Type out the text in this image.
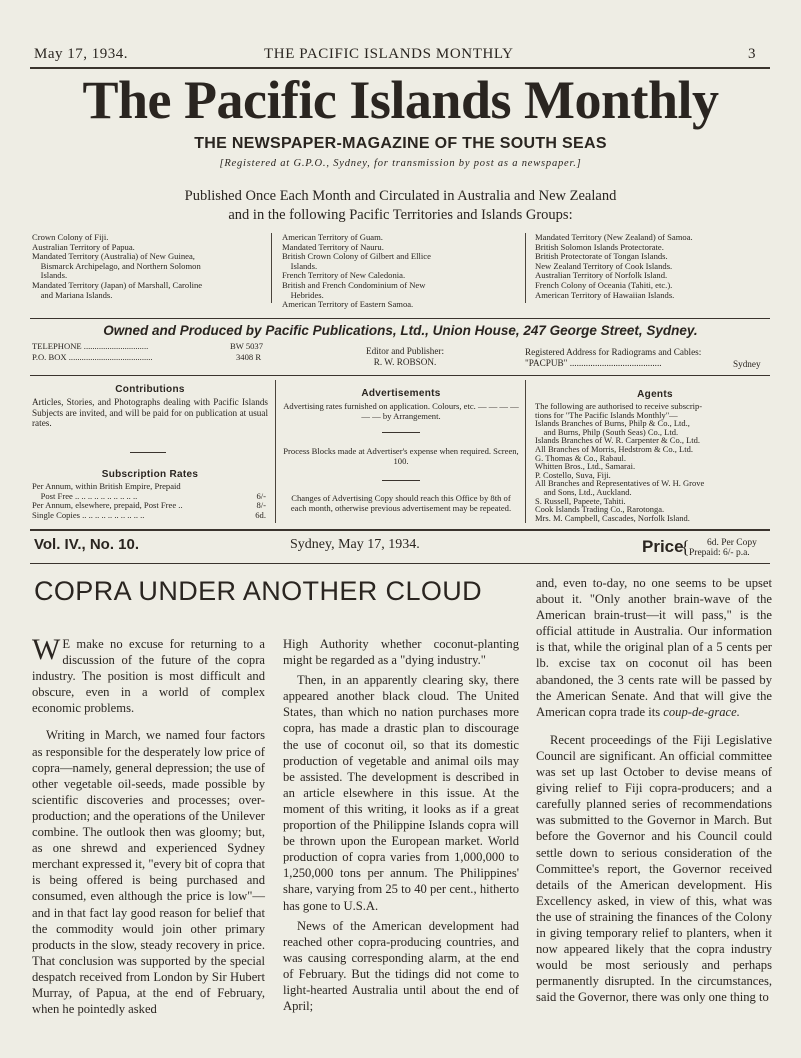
May 17, 1934.	THE PACIFIC ISLANDS MONTHLY	3
The Pacific Islands Monthly
THE NEWSPAPER-MAGAZINE OF THE SOUTH SEAS
[Registered at G.P.O., Sydney, for transmission by post as a newspaper.]
Published Once Each Month and Circulated in Australia and New Zealand
and in the following Pacific Territories and Islands Groups:
Crown Colony of Fiji.
Australian Territory of Papua.
Mandated Territory (Australia) of New Guinea,
Bismarck Archipelago, and Northern Solomon
Islands.
Mandated Territory (Japan) of Marshall, Caroline
and Mariana Islands.
American Territory of Guam.
Mandated Territory of Nauru.
British Crown Colony of Gilbert and Ellice
Islands.
French Territory of New Caledonia.
British and French Condominium of New
Hebrides.
American Territory of Eastern Samoa.
Mandated Territory (New Zealand) of Samoa.
British Solomon Islands Protectorate.
British Protectorate of Tongan Islands.
New Zealand Territory of Cook Islands.
Australian Territory of Norfolk Island.
French Colony of Oceania (Tahiti, etc.).
American Territory of Hawaiian Islands.
Owned and Produced by Pacific Publications, Ltd., Union House, 247 George Street, Sydney.
TELEPHONE ..............................	BW 5037
P.O. BOX .......................................	3408 R
Editor and Publisher:
R. W. ROBSON.
Registered Address for Radiograms and Cables:
"PACPUB" ........................................	Sydney
Contributions
Articles, Stories, and Photographs dealing with Pacific Islands Subjects are invited, and will be paid for on publication at usual rates.
Subscription Rates
Per Annum, within British Empire, Prepaid
Post Free .. .. .. .. .. .. .. .. .. ..	6/-
Per Annum, elsewhere, prepaid, Post Free ..	8/-
Single Copies .. .. .. .. .. .. .. .. .. ..	6d.
Advertisements
Advertising rates furnished on application. Colours, etc. — — — — — — by Arrangement.
Process Blocks made at Advertiser's expense when required. Screen, 100.
Changes of Advertising Copy should reach this Office by 8th of each month, otherwise previous advertisement may be repeated.
Agents
The following are authorised to receive subscrip-
tions for "The Pacific Islands Monthly"—
Islands Branches of Burns, Philp & Co., Ltd.,
and Burns, Philp (South Seas) Co., Ltd.
Islands Branches of W. R. Carpenter & Co., Ltd.
All Branches of Morris, Hedstrom & Co., Ltd.
G. Thomas & Co., Rabaul.
Whitten Bros., Ltd., Samarai.
P. Costello, Suva, Fiji.
All Branches and Representatives of W. H. Grove
and Sons, Ltd., Auckland.
S. Russell, Papeete, Tahiti.
Cook Islands Trading Co., Rarotonga.
Mrs. M. Campbell, Cascades, Norfolk Island.
Vol. IV., No. 10.	Sydney, May 17, 1934.	Price
{ 6d. Per Copy
Prepaid: 6/- p.a.
COPRA UNDER ANOTHER CLOUD

W E make no excuse for returning to a discussion of the future of the copra industry. The position is most difficult and obscure, even in a world of complex economic problems.

Writing in March, we named four factors as responsible for the desperately low price of copra—namely, general depression; the use of other vegetable oil-seeds, made possible by scientific discoveries and processes; over-production; and the operations of the Unilever combine. The outlook then was gloomy; but, as one shrewd and experienced Sydney merchant expressed it, "every bit of copra that is being offered is being purchased and consumed, even although the price is low"—and in that fact lay good reason for belief that the commodity would join other primary products in the slow, steady recovery in price. That conclusion was supported by the special despatch received from London by Sir Hubert Murray, of Papua, at the end of February, when he pointedly asked

High Authority whether coconut-planting might be regarded as a "dying industry."

Then, in an apparently clearing sky, there appeared another black cloud. The United States, than which no nation purchases more copra, has made a drastic plan to discourage the use of coconut oil, so that its domestic production of vegetable and animal oils may be assisted. The development is described in an article elsewhere in this issue. At the moment of this writing, it looks as if a great proportion of the Philippine Islands copra will be thrown upon the European market. World production of copra varies from 1,000,000 to 1,250,000 tons per annum. The Philippines' share, varying from 25 to 40 per cent., hitherto has gone to U.S.A.

News of the American development had reached other copra-producing countries, and was causing corresponding alarm, at the end of February. But the tidings did not come to light-hearted Australia until about the end of April;

and, even to-day, no one seems to be upset about it. "Only another brain-wave of the American brain-trust—it will pass," is the official attitude in Australia. Our information is that, while the original plan of a 5 cents per lb. excise tax on coconut oil has been abandoned, the 3 cents rate will be passed by the American Senate. And that will give the American copra trade its coup-de-grace.

Recent proceedings of the Fiji Legislative Council are significant. An official committee was set up last October to devise means of giving relief to Fiji copra-producers; and a carefully planned series of recommendations was submitted to the Governor in March. But before the Governor and his Council could settle down to serious consideration of the Committee's report, the Governor received details of the American development. His Excellency asked, in view of this, what was the use of straining the finances of the Colony in giving temporary relief to planters, when it now appeared likely that the copra industry would be most seriously and perhaps permanently disrupted. In the circumstances, said the Governor, there was only one thing to
